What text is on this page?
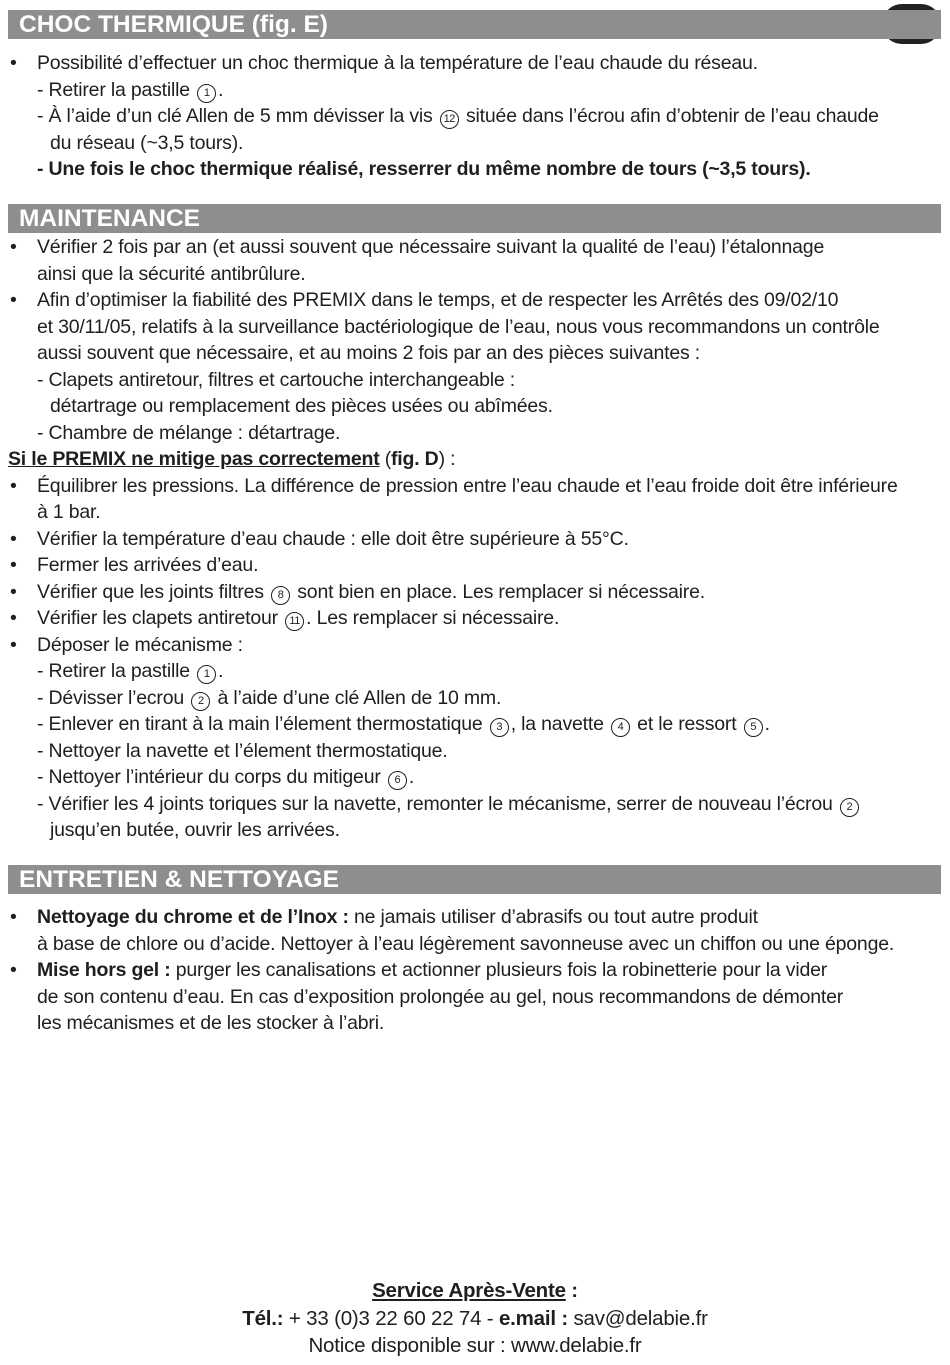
CHOC THERMIQUE (fig. E)
• Possibilité d’effectuer un choc thermique à la température de l’eau chaude du réseau.
- Retirer la pastille 1 .
- À l’aide d’un clé Allen de 5 mm dévisser la vis 12 située dans l’écrou afin d’obtenir de l’eau chaude
du réseau (~3,5 tours).
- Une fois le choc thermique réalisé, resserrer du même nombre de tours (~3,5 tours).
MAINTENANCE
• Vérifier 2 fois par an (et aussi souvent que nécessaire suivant la qualité de l’eau) l’étalonnage
ainsi que la sécurité antibrûlure.
• Afin d’optimiser la fiabilité des PREMIX dans le temps, et de respecter les Arrêtés des 09/02/10
et 30/11/05, relatifs à la surveillance bactériologique de l’eau, nous vous recommandons un contrôle
aussi souvent que nécessaire, et au moins 2 fois par an des pièces suivantes :
- Clapets antiretour, filtres et cartouche interchangeable :
détartrage ou remplacement des pièces usées ou abîmées.
- Chambre de mélange : détartrage.
Si le PREMIX ne mitige pas correctement (fig. D) :
• Équilibrer les pressions. La différence de pression entre l’eau chaude et l’eau froide doit être inférieure
à 1 bar.
• Vérifier la température d’eau chaude : elle doit être supérieure à 55°C.
• Fermer les arrivées d’eau.
• Vérifier que les joints filtres 8 sont bien en place. Les remplacer si nécessaire.
• Vérifier les clapets antiretour 11 . Les remplacer si nécessaire.
• Déposer le mécanisme :
- Retirer la pastille 1 .
- Dévisser l’ecrou 2 à l’aide d’une clé Allen de 10 mm.
- Enlever en tirant à la main l’élement thermostatique 3 , la navette 4 et le ressort 5 .
- Nettoyer la navette et l’élement thermostatique.
- Nettoyer l’intérieur du corps du mitigeur 6 .
- Vérifier les 4 joints toriques sur la navette, remonter le mécanisme, serrer de nouveau l’écrou 2
jusqu’en butée, ouvrir les arrivées.
ENTRETIEN & NETTOYAGE
• Nettoyage du chrome et de l’Inox : ne jamais utiliser d’abrasifs ou tout autre produit
à base de chlore ou d’acide. Nettoyer à l’eau légèrement savonneuse avec un chiffon ou une éponge.
• Mise hors gel : purger les canalisations et actionner plusieurs fois la robinetterie pour la vider
de son contenu d’eau. En cas d’exposition prolongée au gel, nous recommandons de démonter
les mécanismes et de les stocker à l’abri.
Service Après-Vente :
Tél.: + 33 (0)3 22 60 22 74 - e.mail : sav@delabie.fr
Notice disponible sur : www.delabie.fr
